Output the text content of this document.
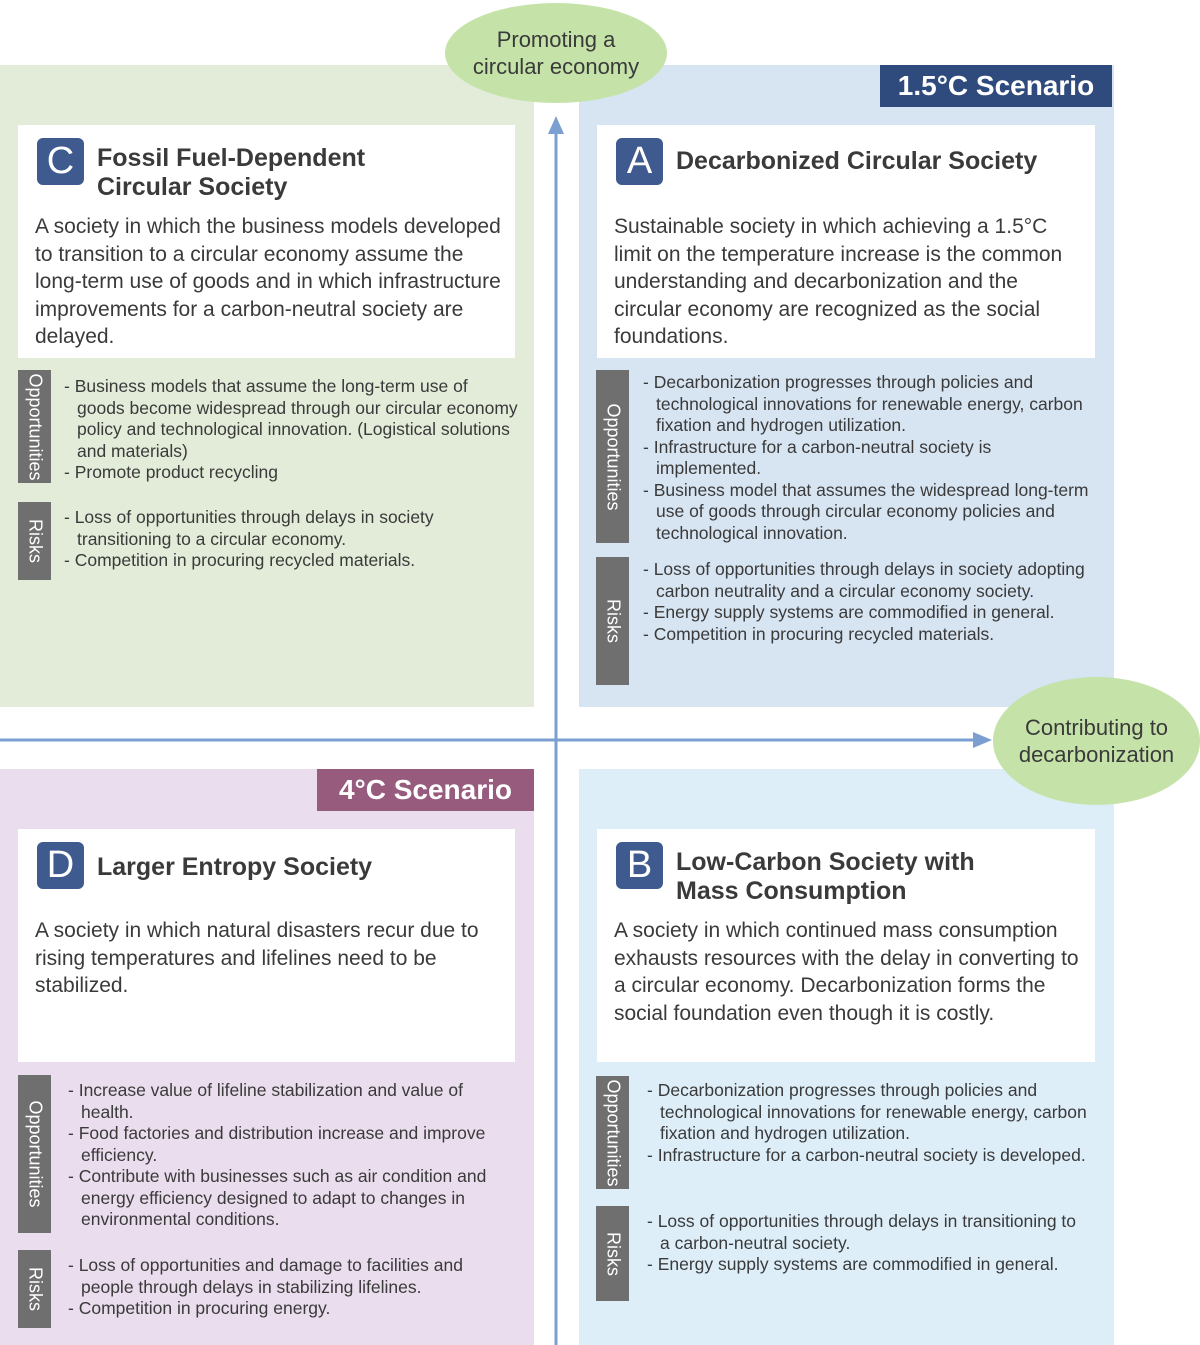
C Fossil Fuel-Dependent Circular Society
A society in which the business models developed to transition to a circular economy assume the long-term use of goods and in which infrastructure improvements for a carbon-neutral society are delayed.
Opportunities	- Business models that assume the long-term use of goods become widespread through our circular economy policy and technological innovation. (Logistical solutions and materials)
- Promote product recycling
Risks
- Loss of opportunities through delays in society transitioning to a circular economy.
- Competition in procuring recycled materials.
A Decarbonized Circular Society
Sustainable society in which achieving a 1.5°C limit on the temperature increase is the common understanding and decarbonization and the circular economy are recognized as the social foundations.
Opportunities
- Decarbonization progresses through policies and technological innovations for renewable energy, carbon fixation and hydrogen utilization.
- Infrastructure for a carbon-neutral society is implemented.
- Business model that assumes the widespread long-term use of goods through circular economy policies and technological innovation.
Risks
- Loss of opportunities through delays in society adopting carbon neutrality and a circular economy society.
- Energy supply systems are commodified in general.
- Competition in procuring recycled materials.
D Larger Entropy Society
A society in which natural disasters recur due to rising temperatures and lifelines need to be stabilized.
Opportunities
- Increase value of lifeline stabilization and value of health.
- Food factories and distribution increase and improve efficiency.
- Contribute with businesses such as air condition and energy efficiency designed to adapt to changes in environmental conditions.
Risks
- Loss of opportunities and damage to facilities and people through delays in stabilizing lifelines.
- Competition in procuring energy.
B Low-Carbon Society with Mass Consumption
A society in which continued mass consumption exhausts resources with the delay in converting to a circular economy. Decarbonization forms the social foundation even though it is costly.
Opportunities	- Decarbonization progresses through policies and technological innovations for renewable energy, carbon fixation and hydrogen utilization.
- Infrastructure for a carbon-neutral society is developed.
Risks
- Loss of opportunities through delays in transitioning to a carbon-neutral society.
- Energy supply systems are commodified in general.
1.5°C Scenario
4°C Scenario
Promoting a circular economy
Contributing to decarbonization
